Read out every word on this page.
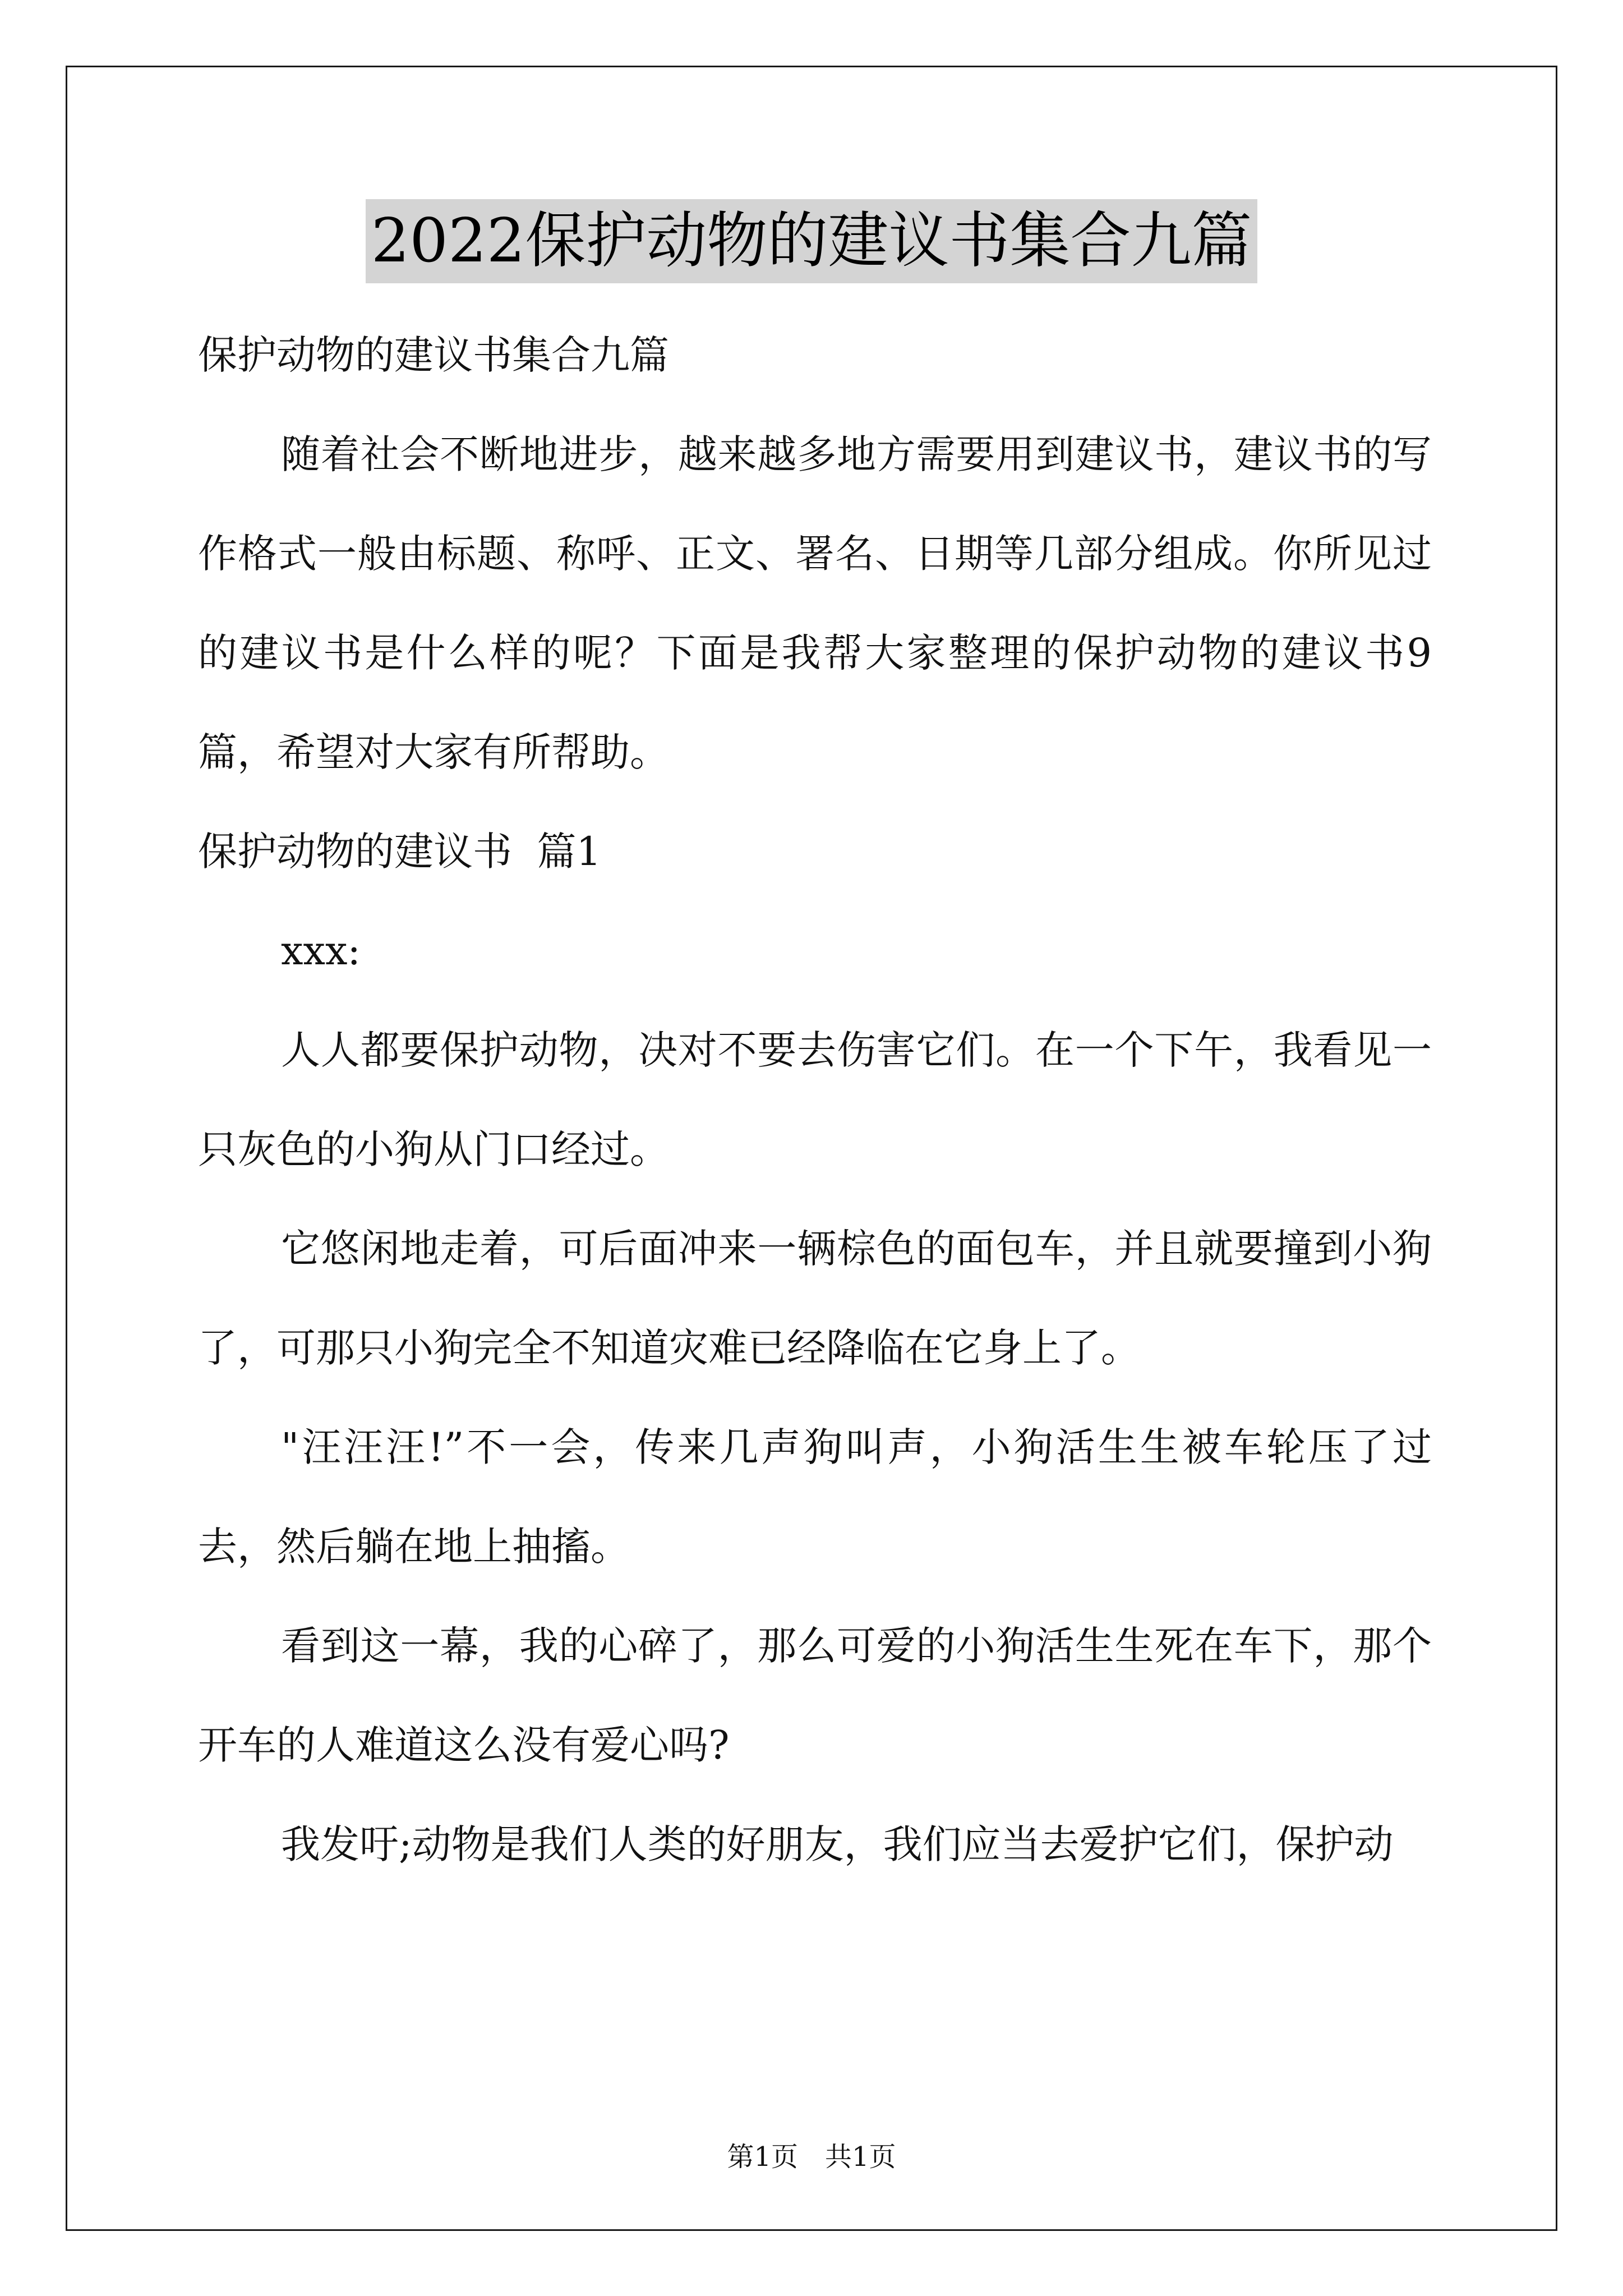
2022保护动物的建议书集合九篇

保护动物的建议书集合九篇

随着社会不断地进步，越来越多地方需要用到建议书，建议书的写作格式一般由标题、称呼、正文、署名、日期等几部分组成。你所见过的建议书是什么样的呢？下面是我帮大家整理的保护动物的建议书9篇，希望对大家有所帮助。

保护动物的建议书  篇1

xxx:

人人都要保护动物，决对不要去伤害它们。在一个下午，我看见一只灰色的小狗从门口经过。

它悠闲地走着，可后面冲来一辆棕色的面包车，并且就要撞到小狗了，可那只小狗完全不知道灾难已经降临在它身上了。

"汪汪汪!”不一会，传来几声狗叫声，小狗活生生被车轮压了过去，然后躺在地上抽搐。

看到这一幕，我的心碎了，那么可爱的小狗活生生死在车下，那个开车的人难道这么没有爱心吗?

我发吁;动物是我们人类的好朋友，我们应当去爱护它们，保护动

第1页 共1页
